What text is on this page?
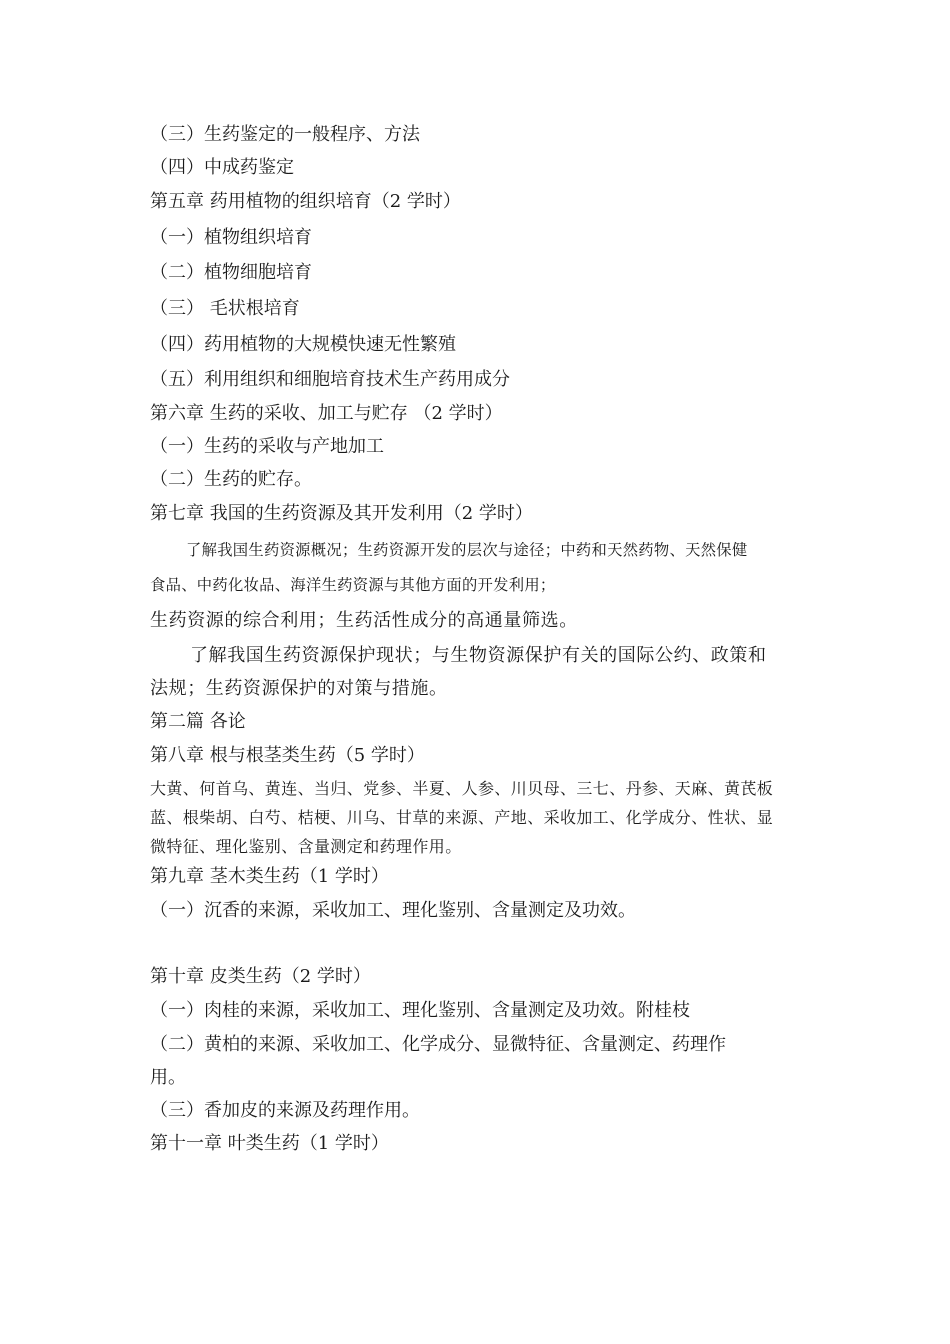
（三）生药鉴定的一般程序、方法
（四）中成药鉴定
第五章 药用植物的组织培育（2 学时）
（一）植物组织培育
（二）植物细胞培育
（三） 毛状根培育
（四）药用植物的大规模快速无性繁殖
（五）利用组织和细胞培育技术生产药用成分
第六章 生药的采收、加工与贮存 （2 学时）
（一）生药的采收与产地加工
（二）生药的贮存。
第七章 我国的生药资源及其开发利用（2 学时）
了解我国生药资源概况；生药资源开发的层次与途径；中药和天然药物、天然保健
食品、中药化妆品、海洋生药资源与其他方面的开发利用；
生药资源的综合利用；生药活性成分的高通量筛选。
了解我国生药资源保护现状；与生物资源保护有关的国际公约、政策和
法规；生药资源保护的对策与措施。
第二篇 各论
第八章 根与根茎类生药（5 学时）
大黄、何首乌、黄连、当归、党参、半夏、人参、川贝母、三七、丹参、天麻、黄芪板
蓝、根柴胡、白芍、桔梗、川乌、甘草的来源、产地、采收加工、化学成分、性状、显
微特征、理化鉴别、含量测定和药理作用。
第九章 茎木类生药（1 学时）
（一）沉香的来源，采收加工、理化鉴别、含量测定及功效。
第十章 皮类生药（2 学时）
（一）肉桂的来源，采收加工、理化鉴别、含量测定及功效。附桂枝
（二）黄柏的来源、采收加工、化学成分、显微特征、含量测定、药理作
用。
（三）香加皮的来源及药理作用。
第十一章 叶类生药（1 学时）
